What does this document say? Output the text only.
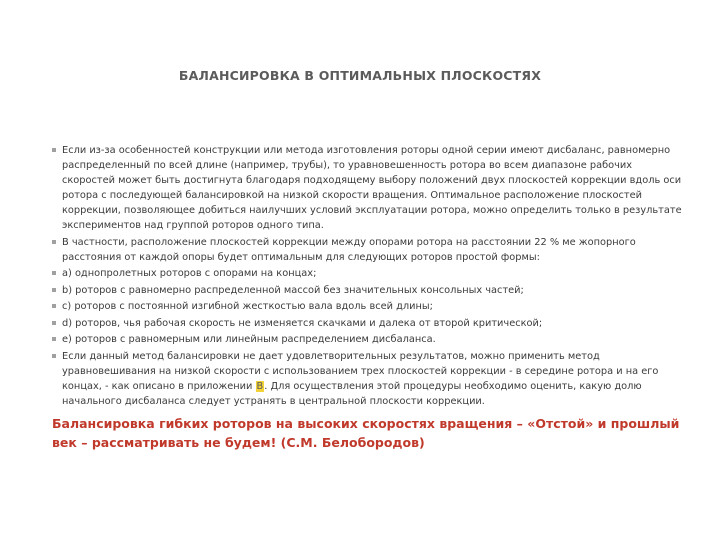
БАЛАНСИРОВКА В ОПТИМАЛЬНЫХ ПЛОСКОСТЯХ
Если из-за особенностей конструкции или метода изготовления роторы одной серии имеют дисбаланс, равномерно распределенный по всей длине (например, трубы), то уравновешенность ротора во всем диапазоне рабочих скоростей может быть достигнута благодаря подходящему выбору положений двух плоскостей коррекции вдоль оси ротора с последующей балансировкой на низкой скорости вращения. Оптимальное расположение плоскостей коррекции, позволяющее добиться наилучших условий эксплуатации ротора, можно определить только в результате экспериментов над группой роторов одного типа.
В частности, расположение плоскостей коррекции между опорами ротора на расстоянии 22 % ме жопорного расстояния от каждой опоры будет оптимальным для следующих роторов простой формы:
a) однопролетных роторов с опорами на концах;
b) роторов с равномерно распределенной массой без значительных консольных частей;
c) роторов с постоянной изгибной жесткостью вала вдоль всей длины;
d) роторов, чья рабочая скорость не изменяется скачками и далека от второй критической;
e) роторов с равномерным или линейным распределением дисбаланса.
Если данный метод балансировки не дает удовлетворительных результатов, можно применить метод уравновешивания на низкой скорости с использованием трех плоскостей коррекции - в середине ротора и на его концах, - как описано в приложении B. Для осуществления этой процедуры необходимо оценить, какую долю начального дисбаланса следует устранять в центральной плоскости коррекции.

Балансировка гибких роторов на высоких скоростях вращения – «Отстой» и прошлый век – рассматривать не будем! (С.М. Белобородов)
